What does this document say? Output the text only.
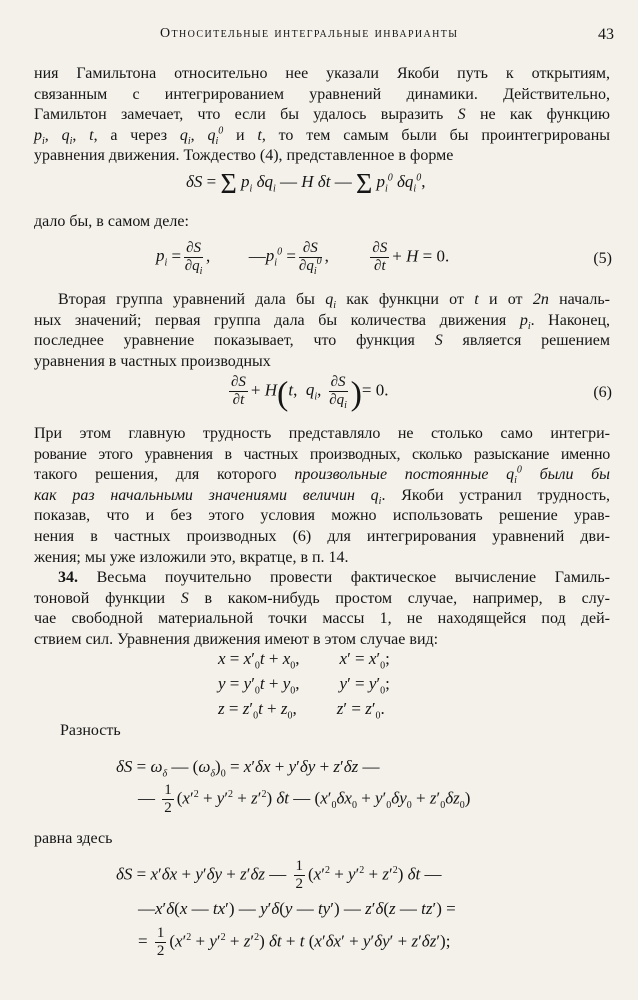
Относительные интегральные инварианты	43

ния Гамильтона относительно нее указали Якоби путь к открытиям,

связанным с интегрированием уравнений динамики. Действительно,

Гамильтон замечает, что если бы удалось выразить S не как функцию

$p_i$, $q_i$, t, а через $q_i$, $q_i^0$ и t, то тем самым были бы проинтегрированы

уравнения движения. Тождество (4), представленное в форме

δS = Σ $p_i$ $\delta q_i$ — H δt — Σ $p_i^0$ $\delta q_i^0$,
дало бы, в самом деле:
$p_i = \frac{\partial S}{\partial q_i}$ ,  $—p_i^0 = \frac{\partial S}{\partial q_i^0}$ , $\frac{\partial S}{\partial t} + H = 0$.	(5)

Вторая группа уравнений дала бы $q_i$ как функцни от t и от 2n началь-

ных значений; первая группа дала бы количества движения $p_i$. Наконец,

последнее уравнение показывает, что функция S является решением

уравнения в частных производных

$\frac{\partial S}{\partial t} + H(t$,  $q_i$, $\frac{\partial S}{\partial q_i}$ )= 0.	(6)

При этом главную трудность представляло не столько само интегри-

рование этого уравнения в частных производных, сколько разыскание именно

такого решения, для которого произвольные постоянные $q_i^0$ были бы

как раз начальными значениями величин $q_i$. Якоби устранил трудность,

показав, что и без этого условия можно использовать решение урав-

нения в частных производных (6) для интегрирования уравнений дви-

жения; мы уже изложили это, вкратце, в п. 14.

34. Весьма поучительно провести фактическое вычисление Гамиль-

тоновой функции S в каком-нибудь простом случае, например, в слу-

чае свободной материальной точки массы 1, не находящейся под дей-

ствием сил. Уравнения движения имеют в этом случае вид:

$x = x'_0t + x_0$, $x' = x'_0$;
$y = y'_0t + y_0$, $y' = y'_0$;
$z = z'_0t + z_0$, $z' = z'_0$.
Разность
$\delta S = \omega_\delta$ — $(\omega_\delta)_0 = x'\delta x + y'\delta y + z'\delta z$ —
— $\frac{1}{2} (x'^2 + y'^2 + z'^2)$ δt — $(x'_0\delta x_0 + y'_0\delta y_0 + z'_0\delta z_0)$
равна здесь
δS = x′δx + y′δy + z′δz — $\frac{1}{2} (x'^2 + y'^2 + z'^2)$ δt —
—x′δ(x — tx′) — y′δ(y — ty′) — z′δ(z — tz′) =
= $\frac{1}{2} (x'^2 + y'^2 + z'^2) \delta t + t$ (x′δx′ + y′δy′ + z′δz′);
